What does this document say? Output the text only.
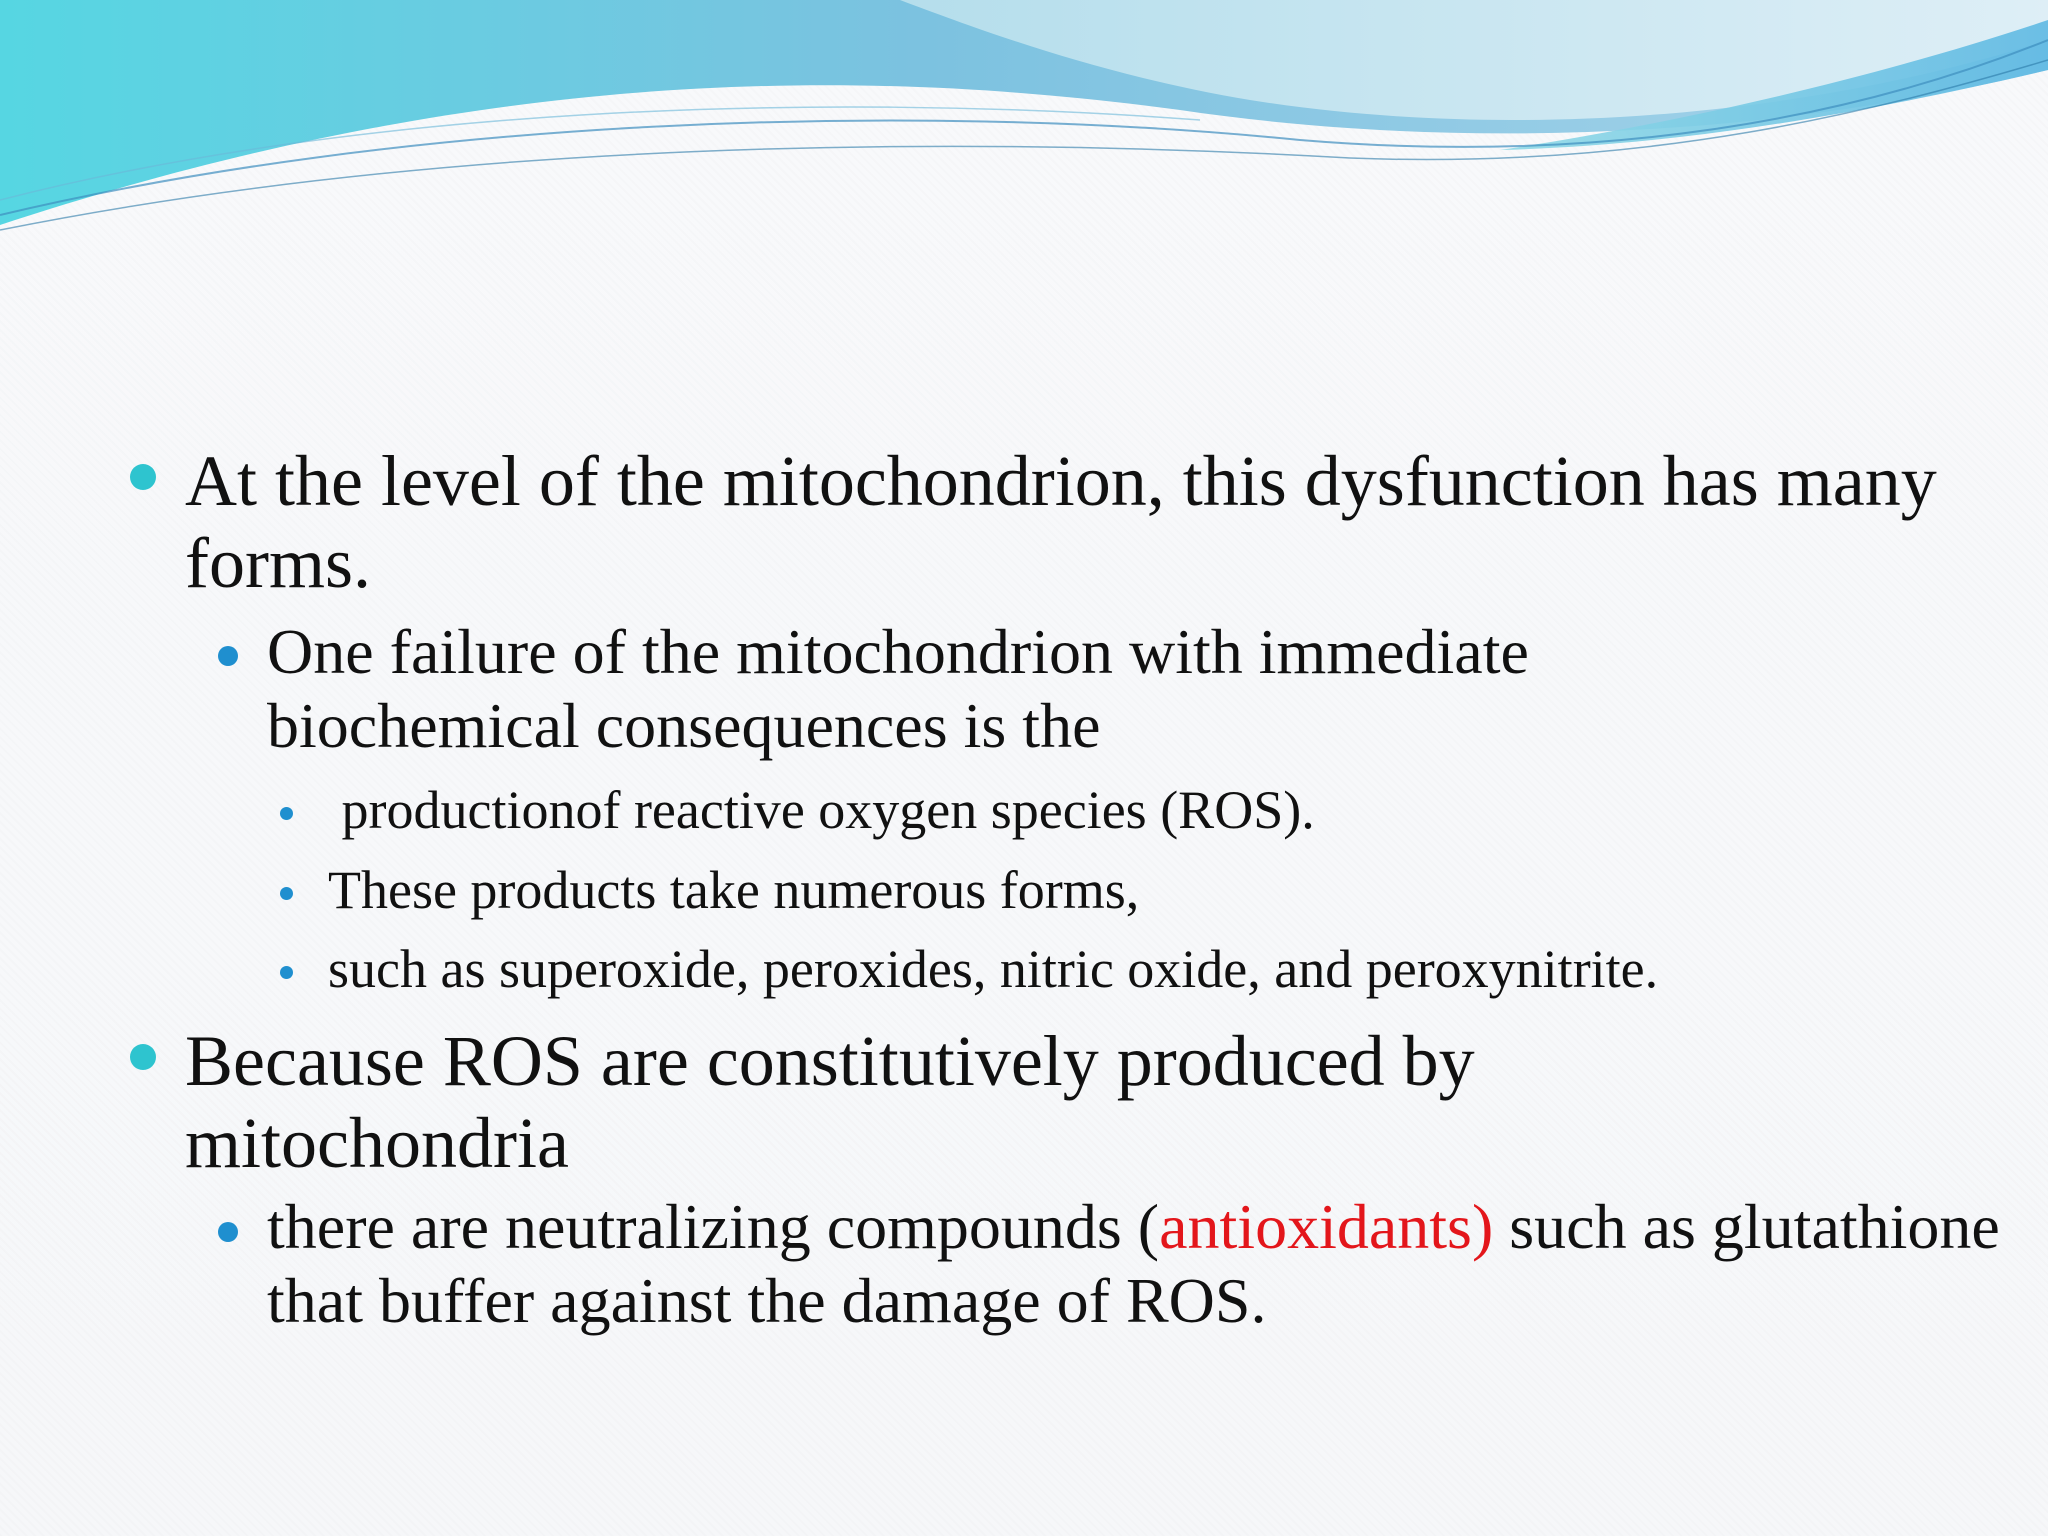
At the level of the mitochondrion, this dysfunction has many forms.

One failure of the mitochondrion with immediate biochemical consequences is the

productionof reactive oxygen species (ROS).

These products take numerous forms,

such as superoxide, peroxides, nitric oxide, and peroxynitrite.

Because ROS are constitutively produced by mitochondria

there are neutralizing compounds (antioxidants) such as glutathione that buffer against the damage of ROS.
